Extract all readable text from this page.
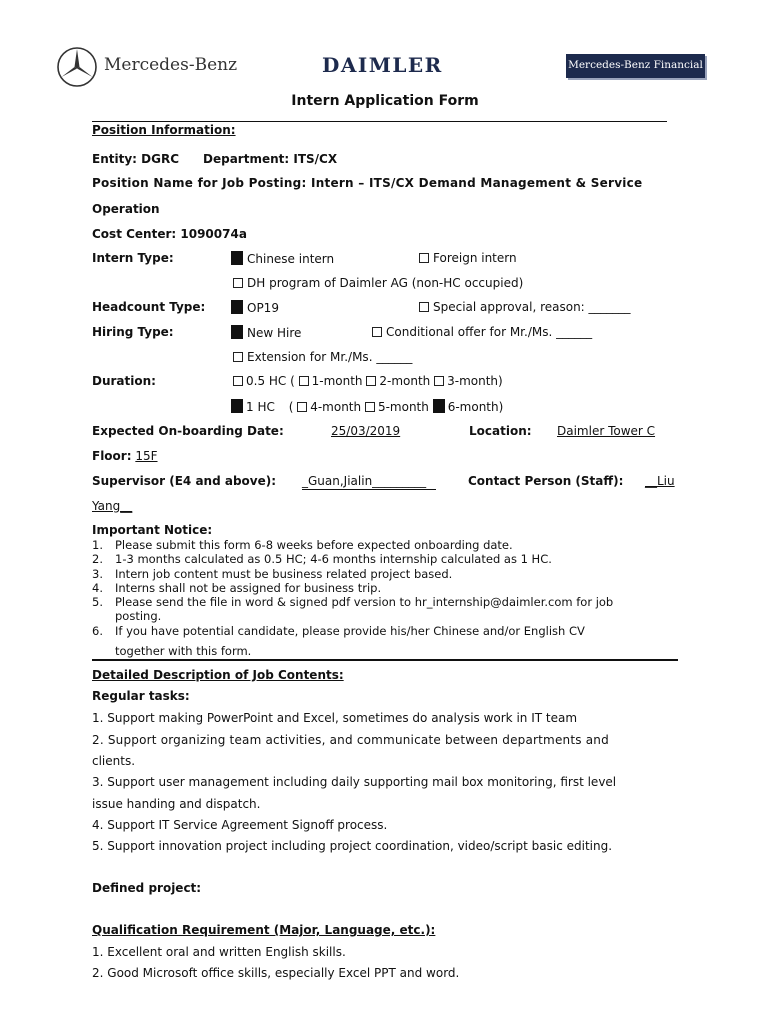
Mercedes-Benz	DAIMLER	Mercedes-Benz Financial
Intern Application Form
Position Information:
Entity: DGRC Department: ITS/CX
Position Name for Job Posting: Intern – ITS/CX Demand Management & Service
Operation
Cost Center: 1090074a
Intern Type:	Chinese intern	Foreign intern
DH program of Daimler AG (non-HC occupied)
Headcount Type:	OP19	Special approval, reason: _______
Hiring Type:	New Hire	Conditional offer for Mr./Ms. ______
Extension for Mr./Ms. ______
Duration:	0.5 HC ( 1-month 2-month 3-month)
1 HC ( 4-month 5-month 6-month)
Expected On-boarding Date:	25/03/2019	Location: Daimler Tower C
Floor: 15F
Supervisor (E4 and above): _Guan,Jialin_________	Contact Person (Staff): __Liu
Yang__
Important Notice:
1. Please submit this form 6-8 weeks before expected onboarding date.
2. 1-3 months calculated as 0.5 HC; 4-6 months internship calculated as 1 HC.
3. Intern job content must be business related project based.
4. Interns shall not be assigned for business trip.
5. Please send the file in word & signed pdf version to hr_internship@daimler.com for job
posting.
6. If you have potential candidate, please provide his/her Chinese and/or English CV
together with this form.
Detailed Description of Job Contents:
Regular tasks:
1. Support making PowerPoint and Excel, sometimes do analysis work in IT team
2. Support organizing team activities, and communicate between departments and
clients.
3. Support user management including daily supporting mail box monitoring, first level
issue handing and dispatch.
4. Support IT Service Agreement Signoff process.
5. Support innovation project including project coordination, video/script basic editing.
Defined project:
Qualification Requirement (Major, Language, etc.):
1. Excellent oral and written English skills.
2. Good Microsoft office skills, especially Excel PPT and word.
